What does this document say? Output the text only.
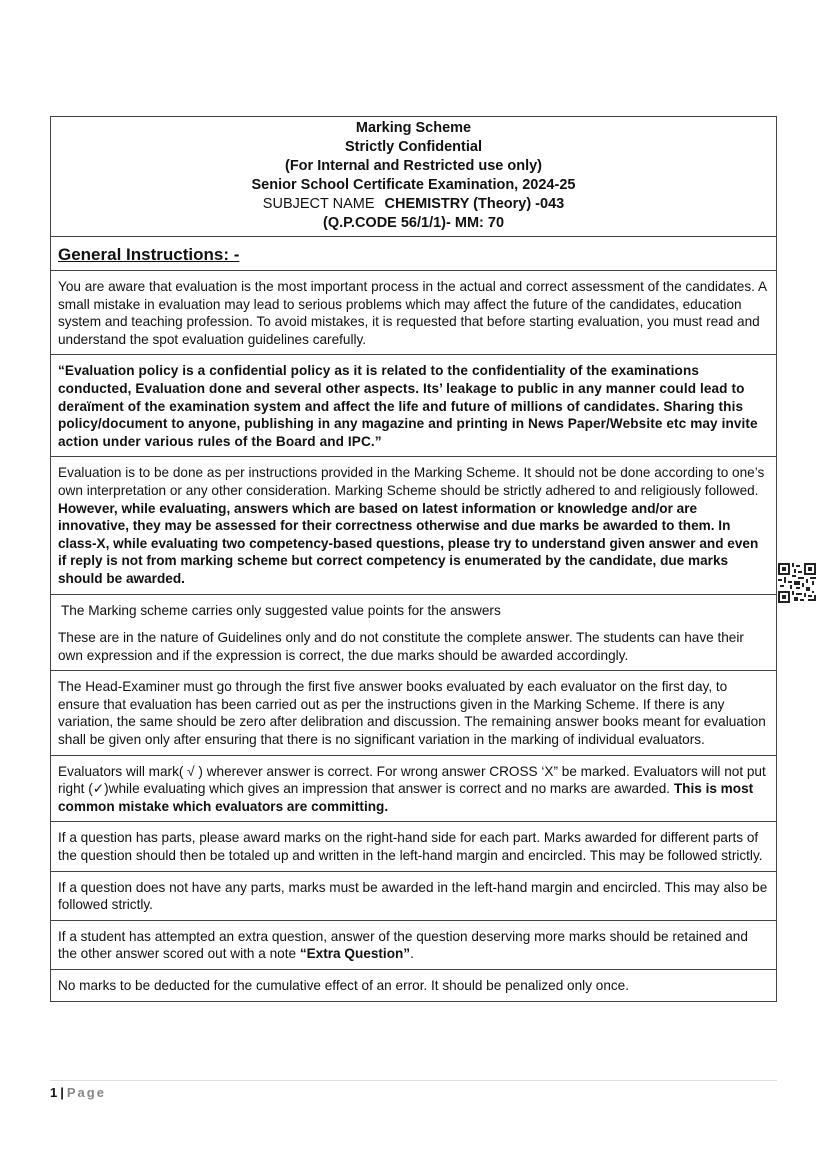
Marking Scheme
Strictly Confidential
(For Internal and Restricted use only)
Senior School Certificate Examination, 2024-25
SUBJECT NAME CHEMISTRY (Theory) -043
(Q.P.CODE 56/1/1)- MM: 70
General Instructions: -

You are aware that evaluation is the most important process in the actual and correct assessment of the candidates. A small mistake in evaluation may lead to serious problems which may affect the future of the candidates, education system and teaching profession. To avoid mistakes, it is requested that before starting evaluation, you must read and understand the spot evaluation guidelines carefully.

“Evaluation policy is a confidential policy as it is related to the confidentiality of the examinations conducted, Evaluation done and several other aspects. Its’ leakage to public in any manner could lead to deraïment of the examination system and affect the life and future of millions of candidates. Sharing this policy/document to anyone, publishing in any magazine and printing in News Paper/Website etc may invite action under various rules of the Board and IPC.”

Evaluation is to be done as per instructions provided in the Marking Scheme. It should not be done according to one’s own interpretation or any other consideration. Marking Scheme should be strictly adhered to and religiously followed. However, while evaluating, answers which are based on latest information or knowledge and/or are innovative, they may be assessed for their correctness otherwise and due marks be awarded to them. In class-X, while evaluating two competency-based questions, please try to understand given answer and even if reply is not from marking scheme but correct competency is enumerated by the candidate, due marks should be awarded.

The Marking scheme carries only suggested value points for the answers

These are in the nature of Guidelines only and do not constitute the complete answer. The students can have their own expression and if the expression is correct, the due marks should be awarded accordingly.

The Head-Examiner must go through the first five answer books evaluated by each evaluator on the first day, to ensure that evaluation has been carried out as per the instructions given in the Marking Scheme. If there is any variation, the same should be zero after delibration and discussion. The remaining answer books meant for evaluation shall be given only after ensuring that there is no significant variation in the marking of individual evaluators.

Evaluators will mark( √ ) wherever answer is correct. For wrong answer CROSS ‘X” be marked. Evaluators will not put right (✓)while evaluating which gives an impression that answer is correct and no marks are awarded. This is most common mistake which evaluators are committing.

If a question has parts, please award marks on the right-hand side for each part. Marks awarded for different parts of the question should then be totaled up and written in the left-hand margin and encircled. This may be followed strictly.

If a question does not have any parts, marks must be awarded in the left-hand margin and encircled. This may also be followed strictly.

If a student has attempted an extra question, answer of the question deserving more marks should be retained and the other answer scored out with a note “Extra Question”.

No marks to be deducted for the cumulative effect of an error. It should be penalized only once.

1 | Page
